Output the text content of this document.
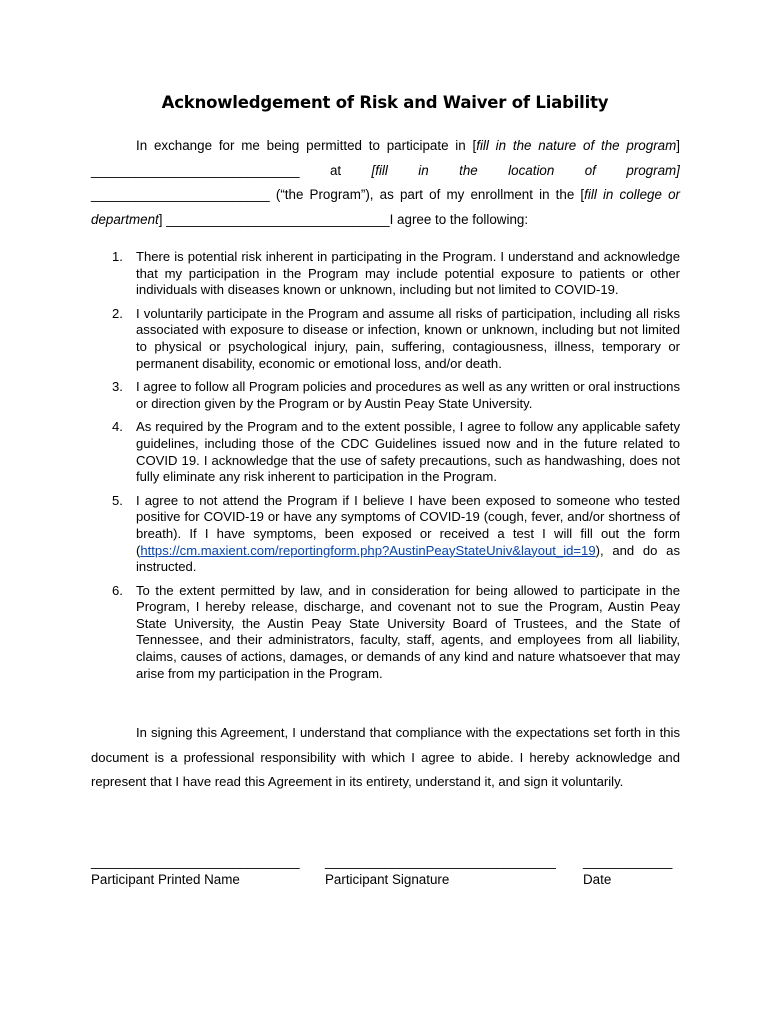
Acknowledgement of Risk and Waiver of Liability
In exchange for me being permitted to participate in [fill in the nature of the program]
____________________________ at [fill in the location of program]
________________________ (“the Program”), as part of my enrollment in the [fill in college or
department] ______________________________I agree to the following:
1. There is potential risk inherent in participating in the Program. I understand and acknowledge that my participation in the Program may include potential exposure to patients or other individuals with diseases known or unknown, including but not limited to COVID-19.
2. I voluntarily participate in the Program and assume all risks of participation, including all risks associated with exposure to disease or infection, known or unknown, including but not limited to physical or psychological injury, pain, suffering, contagiousness, illness, temporary or permanent disability, economic or emotional loss, and/or death.
3. I agree to follow all Program policies and procedures as well as any written or oral instructions or direction given by the Program or by Austin Peay State University.
4. As required by the Program and to the extent possible, I agree to follow any applicable safety guidelines, including those of the CDC Guidelines issued now and in the future related to COVID 19. I acknowledge that the use of safety precautions, such as handwashing, does not fully eliminate any risk inherent to participation in the Program.
5. I agree to not attend the Program if I believe I have been exposed to someone who tested positive for COVID-19 or have any symptoms of COVID-19 (cough, fever, and/or shortness of breath). If I have symptoms, been exposed or received a test I will fill out the form (https://cm.maxient.com/reportingform.php?AustinPeayStateUniv&layout_id=19), and do as instructed.
6. To the extent permitted by law, and in consideration for being allowed to participate in the Program, I hereby release, discharge, and covenant not to sue the Program, Austin Peay State University, the Austin Peay State University Board of Trustees, and the State of Tennessee, and their administrators, faculty, staff, agents, and employees from all liability, claims, causes of actions, damages, or demands of any kind and nature whatsoever that may arise from my participation in the Program.
In signing this Agreement, I understand that compliance with the expectations set forth in this document is a professional responsibility with which I agree to abide. I hereby acknowledge and represent that I have read this Agreement in its entirety, understand it, and sign it voluntarily.
____________________________ _______________________________ ____________
Participant Printed Name	Participant Signature	Date
